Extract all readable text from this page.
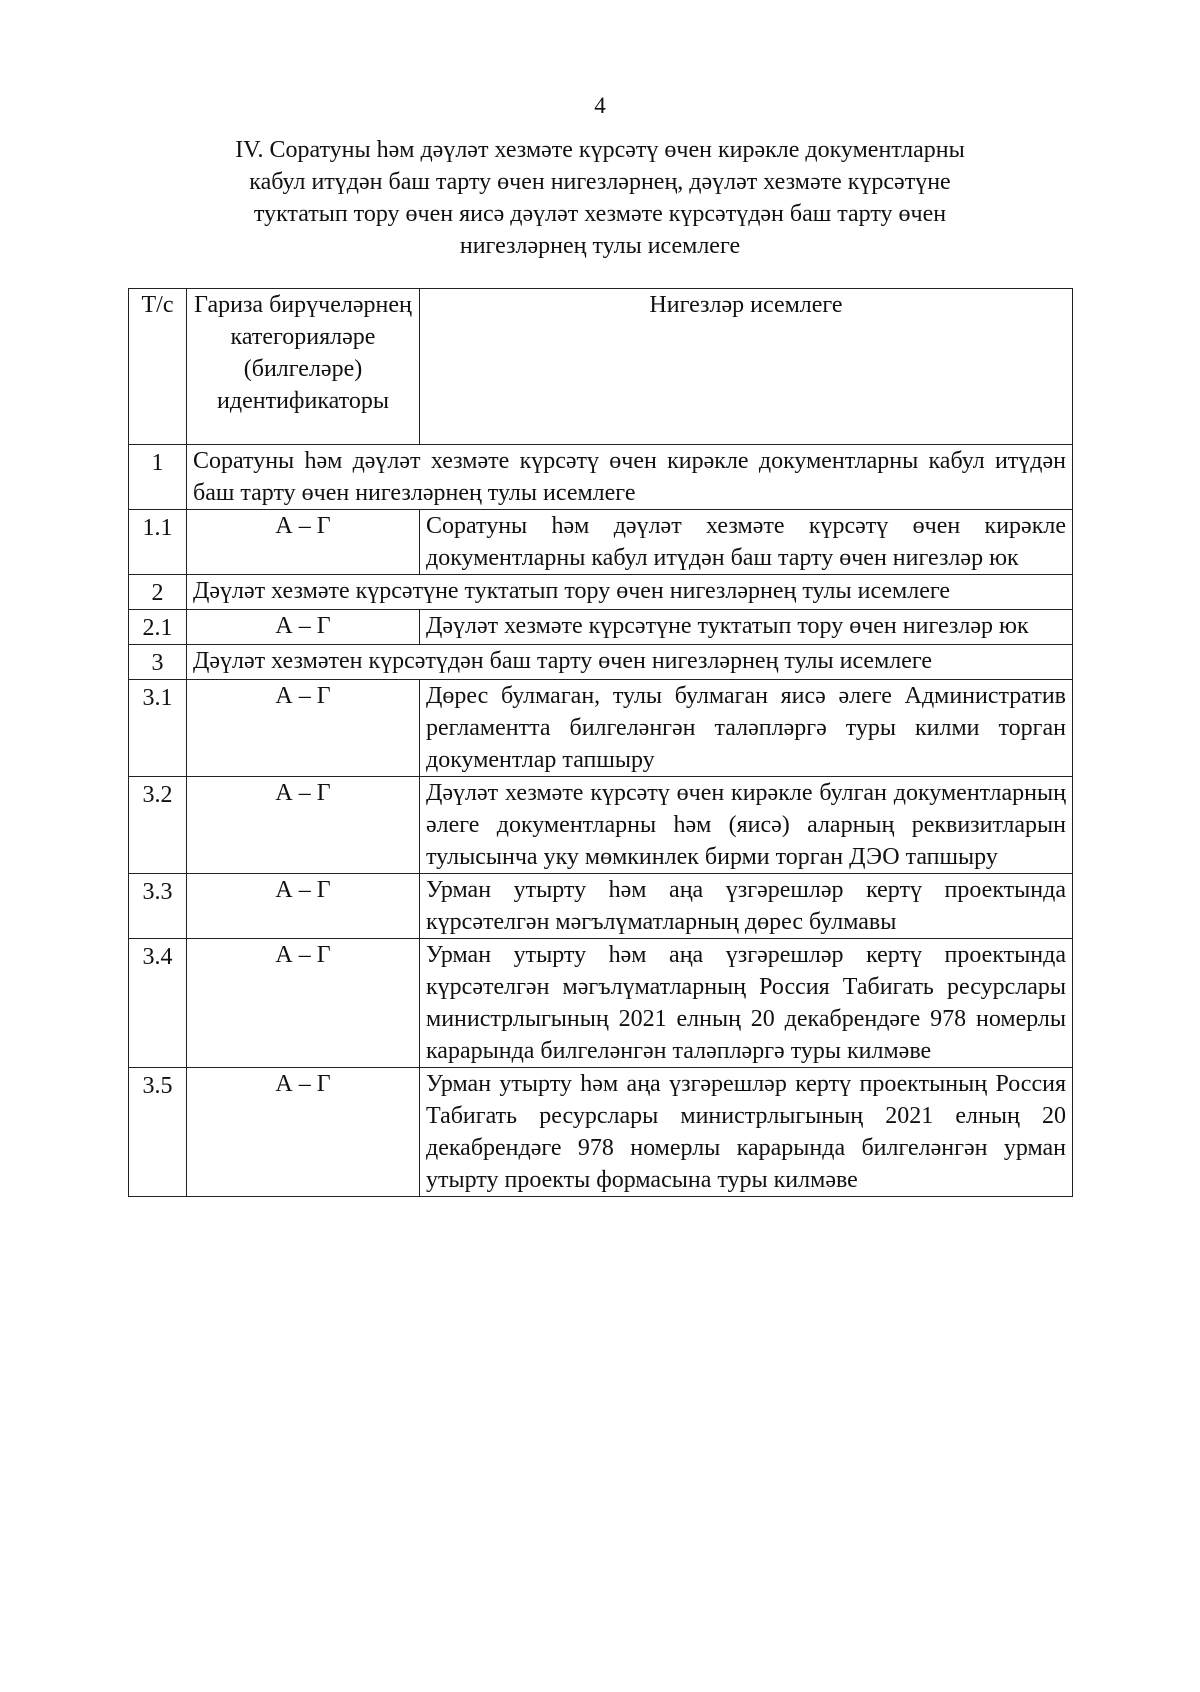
4
IV. Соратуны һәм дәүләт хезмәте күрсәтү өчен кирәкле документларны
кабул итүдән баш тарту өчен нигезләрнең, дәүләт хезмәте күрсәтүне
туктатып тору өчен яисә дәүләт хезмәте күрсәтүдән баш тарту өчен
нигезләрнең тулы исемлеге
Т/с	Гариза бирүчеләрнең категорияләре (билгеләре) идентификаторы	Нигезләр исемлеге
1	Соратуны һәм дәүләт хезмәте күрсәтү өчен кирәкле документларны кабул итүдән баш тарту өчен нигезләрнең тулы исемлеге	
1.1	А – Г	Соратуны һәм дәүләт хезмәте күрсәтү өчен кирәкле документларны кабул итүдән баш тарту өчен нигезләр юк
2	Дәүләт хезмәте күрсәтүне туктатып тору өчен нигезләрнең тулы исемлеге	
2.1	А – Г	Дәүләт хезмәте күрсәтүне туктатып тору өчен нигезләр юк
3	Дәүләт хезмәтен күрсәтүдән баш тарту өчен нигезләрнең тулы исемлеге	
3.1	А – Г	Дөрес булмаган, тулы булмаган яисә әлеге Административ регламентта билгеләнгән таләпләргә туры килми торган документлар тапшыру
3.2	А – Г	Дәүләт хезмәте күрсәтү өчен кирәкле булган документларның әлеге документларны һәм (яисә) аларның реквизитларын тулысынча уку мөмкинлек бирми торган ДЭО тапшыру
3.3	А – Г	Урман утырту һәм аңа үзгәрешләр кертү проектында күрсәтелгән мәгълүматларның дөрес булмавы
3.4	А – Г	Урман утырту һәм аңа үзгәрешләр кертү проектында күрсәтелгән мәгълүматларның Россия Табигать ресурслары министрлыгының 2021 елның 20 декабрендәге 978 номерлы карарында билгеләнгән таләпләргә туры килмәве
3.5	А – Г	Урман утырту һәм аңа үзгәрешләр кертү проектының Россия Табигать ресурслары министрлыгының 2021 елның 20 декабрендәге 978 номерлы карарында билгеләнгән урман утырту проекты формасына туры килмәве
